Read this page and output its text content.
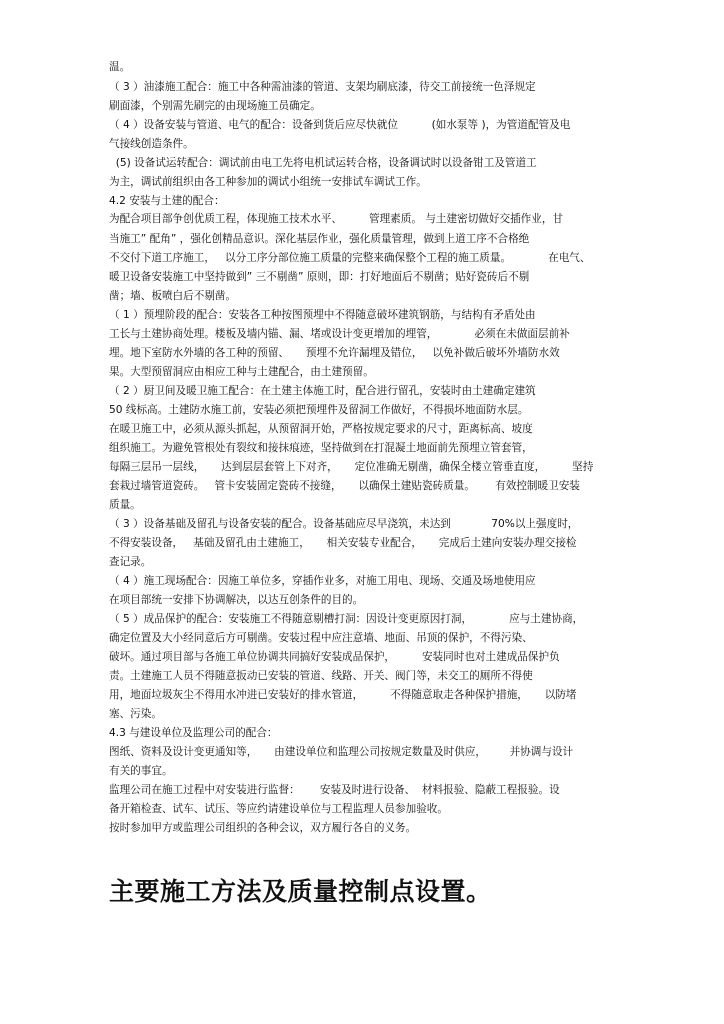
温。
（ 3 ）油漆施工配合：施工中各种需油漆的管道、支架均刷底漆，待交工前接统一色泽规定
刷面漆，个别需先刷完的由现场施工员确定。
（ 4 ）设备安装与管道、电气的配合：设备到货后应尽快就位          (如水泵等 )，为管道配管及电
气接线创造条件。
(5) 设备试运转配合：调试前由电工先将电机试运转合格，设备调试时以设备钳工及管道工
为主，调试前组织由各工种参加的调试小组统一安排试车调试工作。
4.2 安装与土建的配合：
为配合项目部争创优质工程，体现施工技术水平、        管理素质。 与土建密切做好交插作业，甘
当施工” 配角” ，强化创精品意识。深化基层作业，强化质量管理，做到上道工序不合格绝
不交付下道工序施工，   以分工序分部位施工质量的完整来确保整个工程的施工质量。           在电气、
暖卫设备安装施工中坚持做到” 三不剔凿” 原则，即：打好地面后不剔凿；贴好瓷砖后不剔
凿；墙、板喷白后不剔凿。
（ 1 ）预埋阶段的配合：安装各工种按图预埋中不得随意破坏建筑钢筋，与结构有矛盾处由
工长与土建协商处理。楼板及墙内锚、漏、堵或设计变更增加的埋管，           必须在未做面层前补
埋。地下室防水外墙的各工种的预留、     预埋不允许漏埋及错位，   以免补做后破坏外墙防水效
果。大型预留洞应由相应工种与土建配合，由土建预留。
（ 2 ）厨卫间及暖卫施工配合：在土建主体施工时，配合进行留孔，安装时由土建确定建筑
50 线标高。土建防水施工前，安装必须把预埋件及留洞工作做好，不得损坏地面防水层。
在暖卫施工中，必须从源头抓起，从预留洞开始，严格按规定要求的尺寸，距离标高、坡度
组织施工。为避免管根处有裂纹和接抹痕迹，坚持做到在打混凝土地面前先预埋立管套管，
每隔三层吊一层线，     达到层层套管上下对齐，     定位准确无剔凿，确保全楼立管垂直度，        坚持
套栽过墙管道瓷砖。   管卡安装固定瓷砖不接缝，     以确保土建贴瓷砖质量。      有效控制暖卫安装
质量。
（ 3 ）设备基础及留孔与设备安装的配合。设备基础应尽早浇筑，未达到            70%以上强度时，
不得安装设备，   基础及留孔由土建施工，     相关安装专业配合，     完成后土建向安装办理交接检
查记录。
（ 4 ）施工现场配合：因施工单位多，穿插作业多，对施工用电、现场、交通及场地使用应
在项目部统一安排下协调解决，以达互创条件的目的。
（ 5 ）成品保护的配合：安装施工不得随意剔槽打洞：因设计变更原因打洞，           应与土建协商，
确定位置及大小经同意后方可剔凿。安装过程中应注意墙、地面、吊顶的保护，不得污染、
破坏。通过项目部与各施工单位协调共同搞好安装成品保护，        安装同时也对土建成品保护负
责。土建施工人员不得随意扳动已安装的管道、线路、开关、阀门等，未交工的厕所不得使
用，地面垃圾灰尘不得用水冲进已安装好的排水管道，        不得随意取走各种保护措施，     以防堵
塞、污染。
4.3 与建设单位及监理公司的配合：
图纸、资料及设计变更通知等，     由建设单位和监理公司按规定数量及时供应，       并协调与设计
有关的事宜。
监理公司在施工过程中对安装进行监督：      安装及时进行设备、  材料报验、隐蔽工程报验。设
备开箱检查、试车、试压、等应约请建设单位与工程监理人员参加验收。
按时参加甲方或监理公司组织的各种会议，双方履行各自的义务。
主要施工方法及质量控制点设置。
